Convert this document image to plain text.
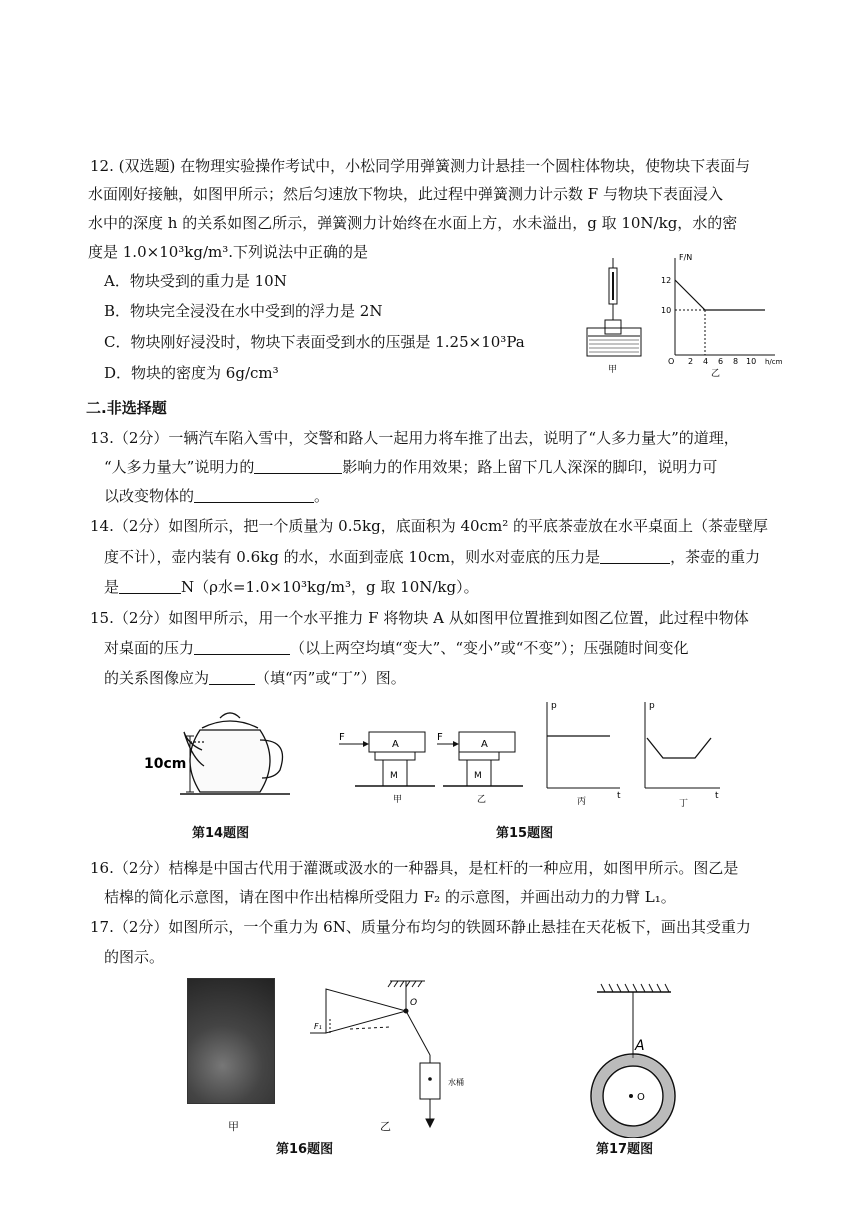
12. (双选题) 在物理实验操作考试中，小松同学用弹簧测力计悬挂一个圆柱体物块，使物块下表面与
水面刚好接触，如图甲所示；然后匀速放下物块，此过程中弹簧测力计示数 F 与物块下表面浸入
水中的深度 h 的关系如图乙所示，弹簧测力计始终在水面上方，水未溢出，g 取 10N/kg，水的密
度是 1.0×10³kg/m³.下列说法中正确的是
A．物块受到的重力是 10N
B．物块完全浸没在水中受到的浮力是 2N
C．物块刚好浸没时，物块下表面受到水的压强是 1.25×10³Pa
D．物块的密度为 6g/cm³	甲
F/N
h/cm
12
10
O 2 4 6 8 10
乙
二.非选择题
13.（2分）一辆汽车陷入雪中，交警和路人一起用力将车推了出去，说明了“人多力量大”的道理，
“人多力量大”说明力的	影响力的作用效果；路上留下几人深深的脚印，说明力可
以改变物体的	。
14.（2分）如图所示，把一个质量为 0.5kg，底面积为 40cm² 的平底茶壶放在水平桌面上（茶壶壁厚
度不计），壶内装有 0.6kg 的水，水面到壶底 10cm，则水对壶底的压力是	，茶壶的重力
是	N（ρ水=1.0×10³kg/m³，g 取 10N/kg）。
15.（2分）如图甲所示，用一个水平推力 F 将物块 A 从如图甲位置推到如图乙位置，此过程中物体
对桌面的压力	（以上两空均填“变大”、“变小”或“不变”）；压强随时间变化
的关系图像应为	（填“丙”或“丁”）图。
10cm
第14题图
F
A
M
甲
F
A
M
乙
p
t
丙
p
t
丁
第15题图
16.（2分）桔槔是中国古代用于灌溉或汲水的一种器具，是杠杆的一种应用，如图甲所示。图乙是
桔槔的简化示意图，请在图中作出桔槔所受阻力 F₂ 的示意图，并画出动力的力臂 L₁。
17.（2分）如图所示，一个重力为 6N、质量分布均匀的铁圆环静止悬挂在天花板下，画出其受重力
的图示。
甲
O
F₁
水桶
乙
第16题图
A
O
第17题图
